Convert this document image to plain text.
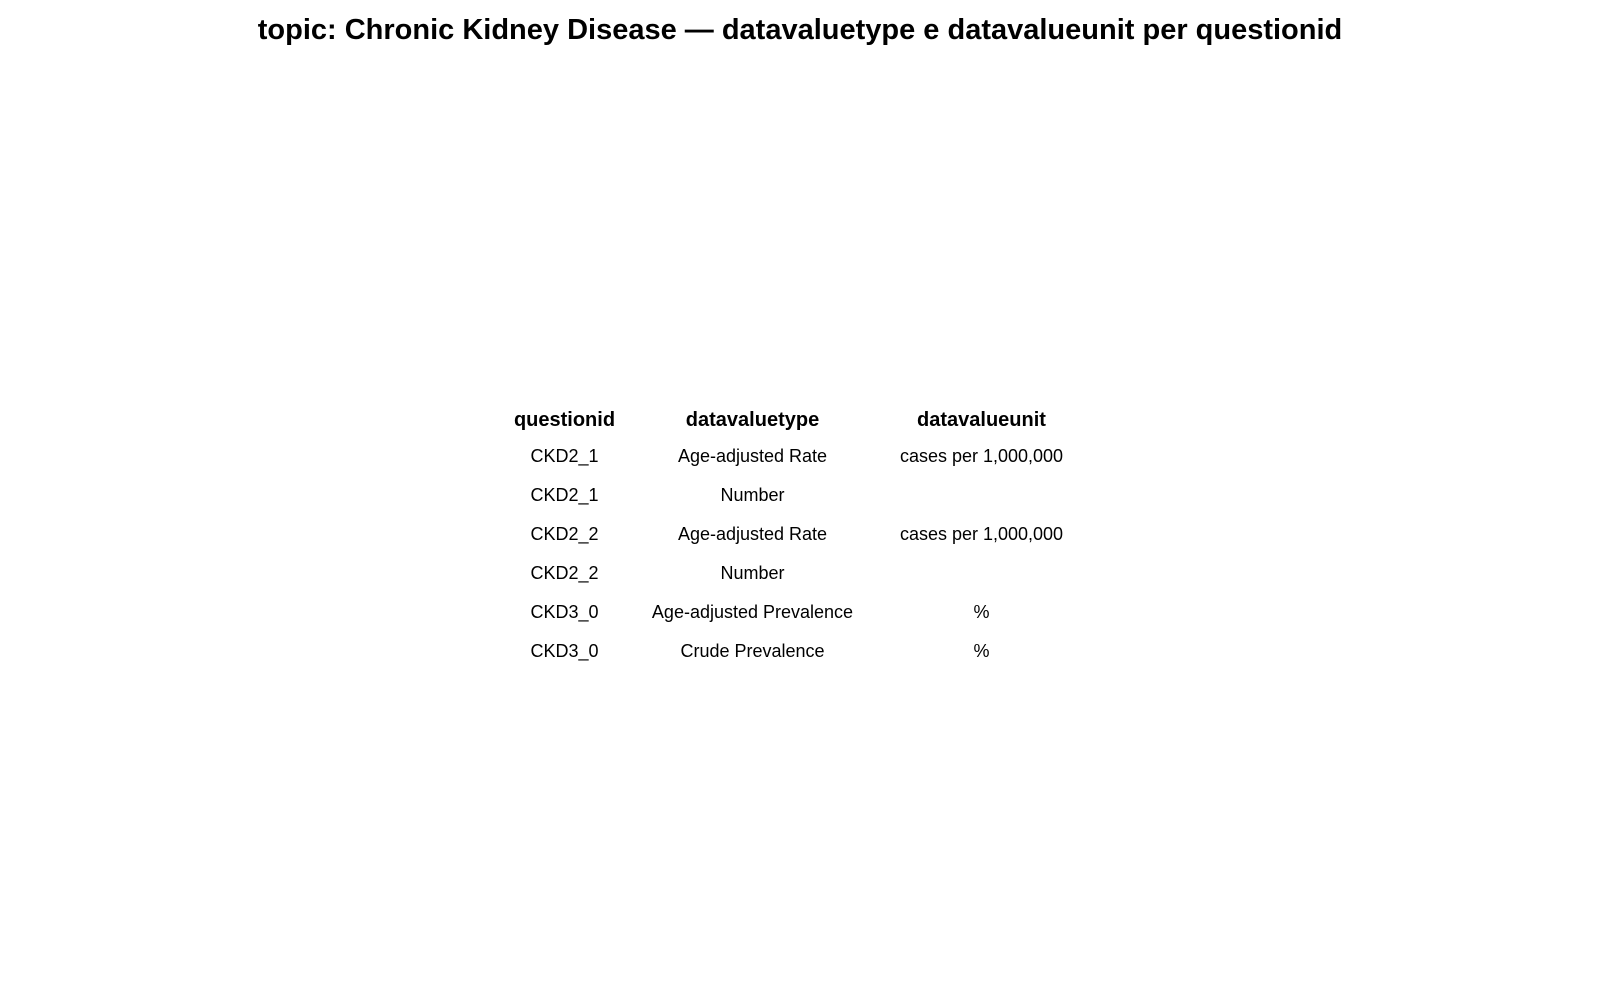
topic: Chronic Kidney Disease — datavaluetype e datavalueunit per questionid
questionid	datavaluetype	datavalueunit
CKD2_1	Age-adjusted Rate	cases per 1,000,000
CKD2_1	Number	
CKD2_2	Age-adjusted Rate	cases per 1,000,000
CKD2_2	Number	
CKD3_0	Age-adjusted Prevalence	%
CKD3_0	Crude Prevalence	%
